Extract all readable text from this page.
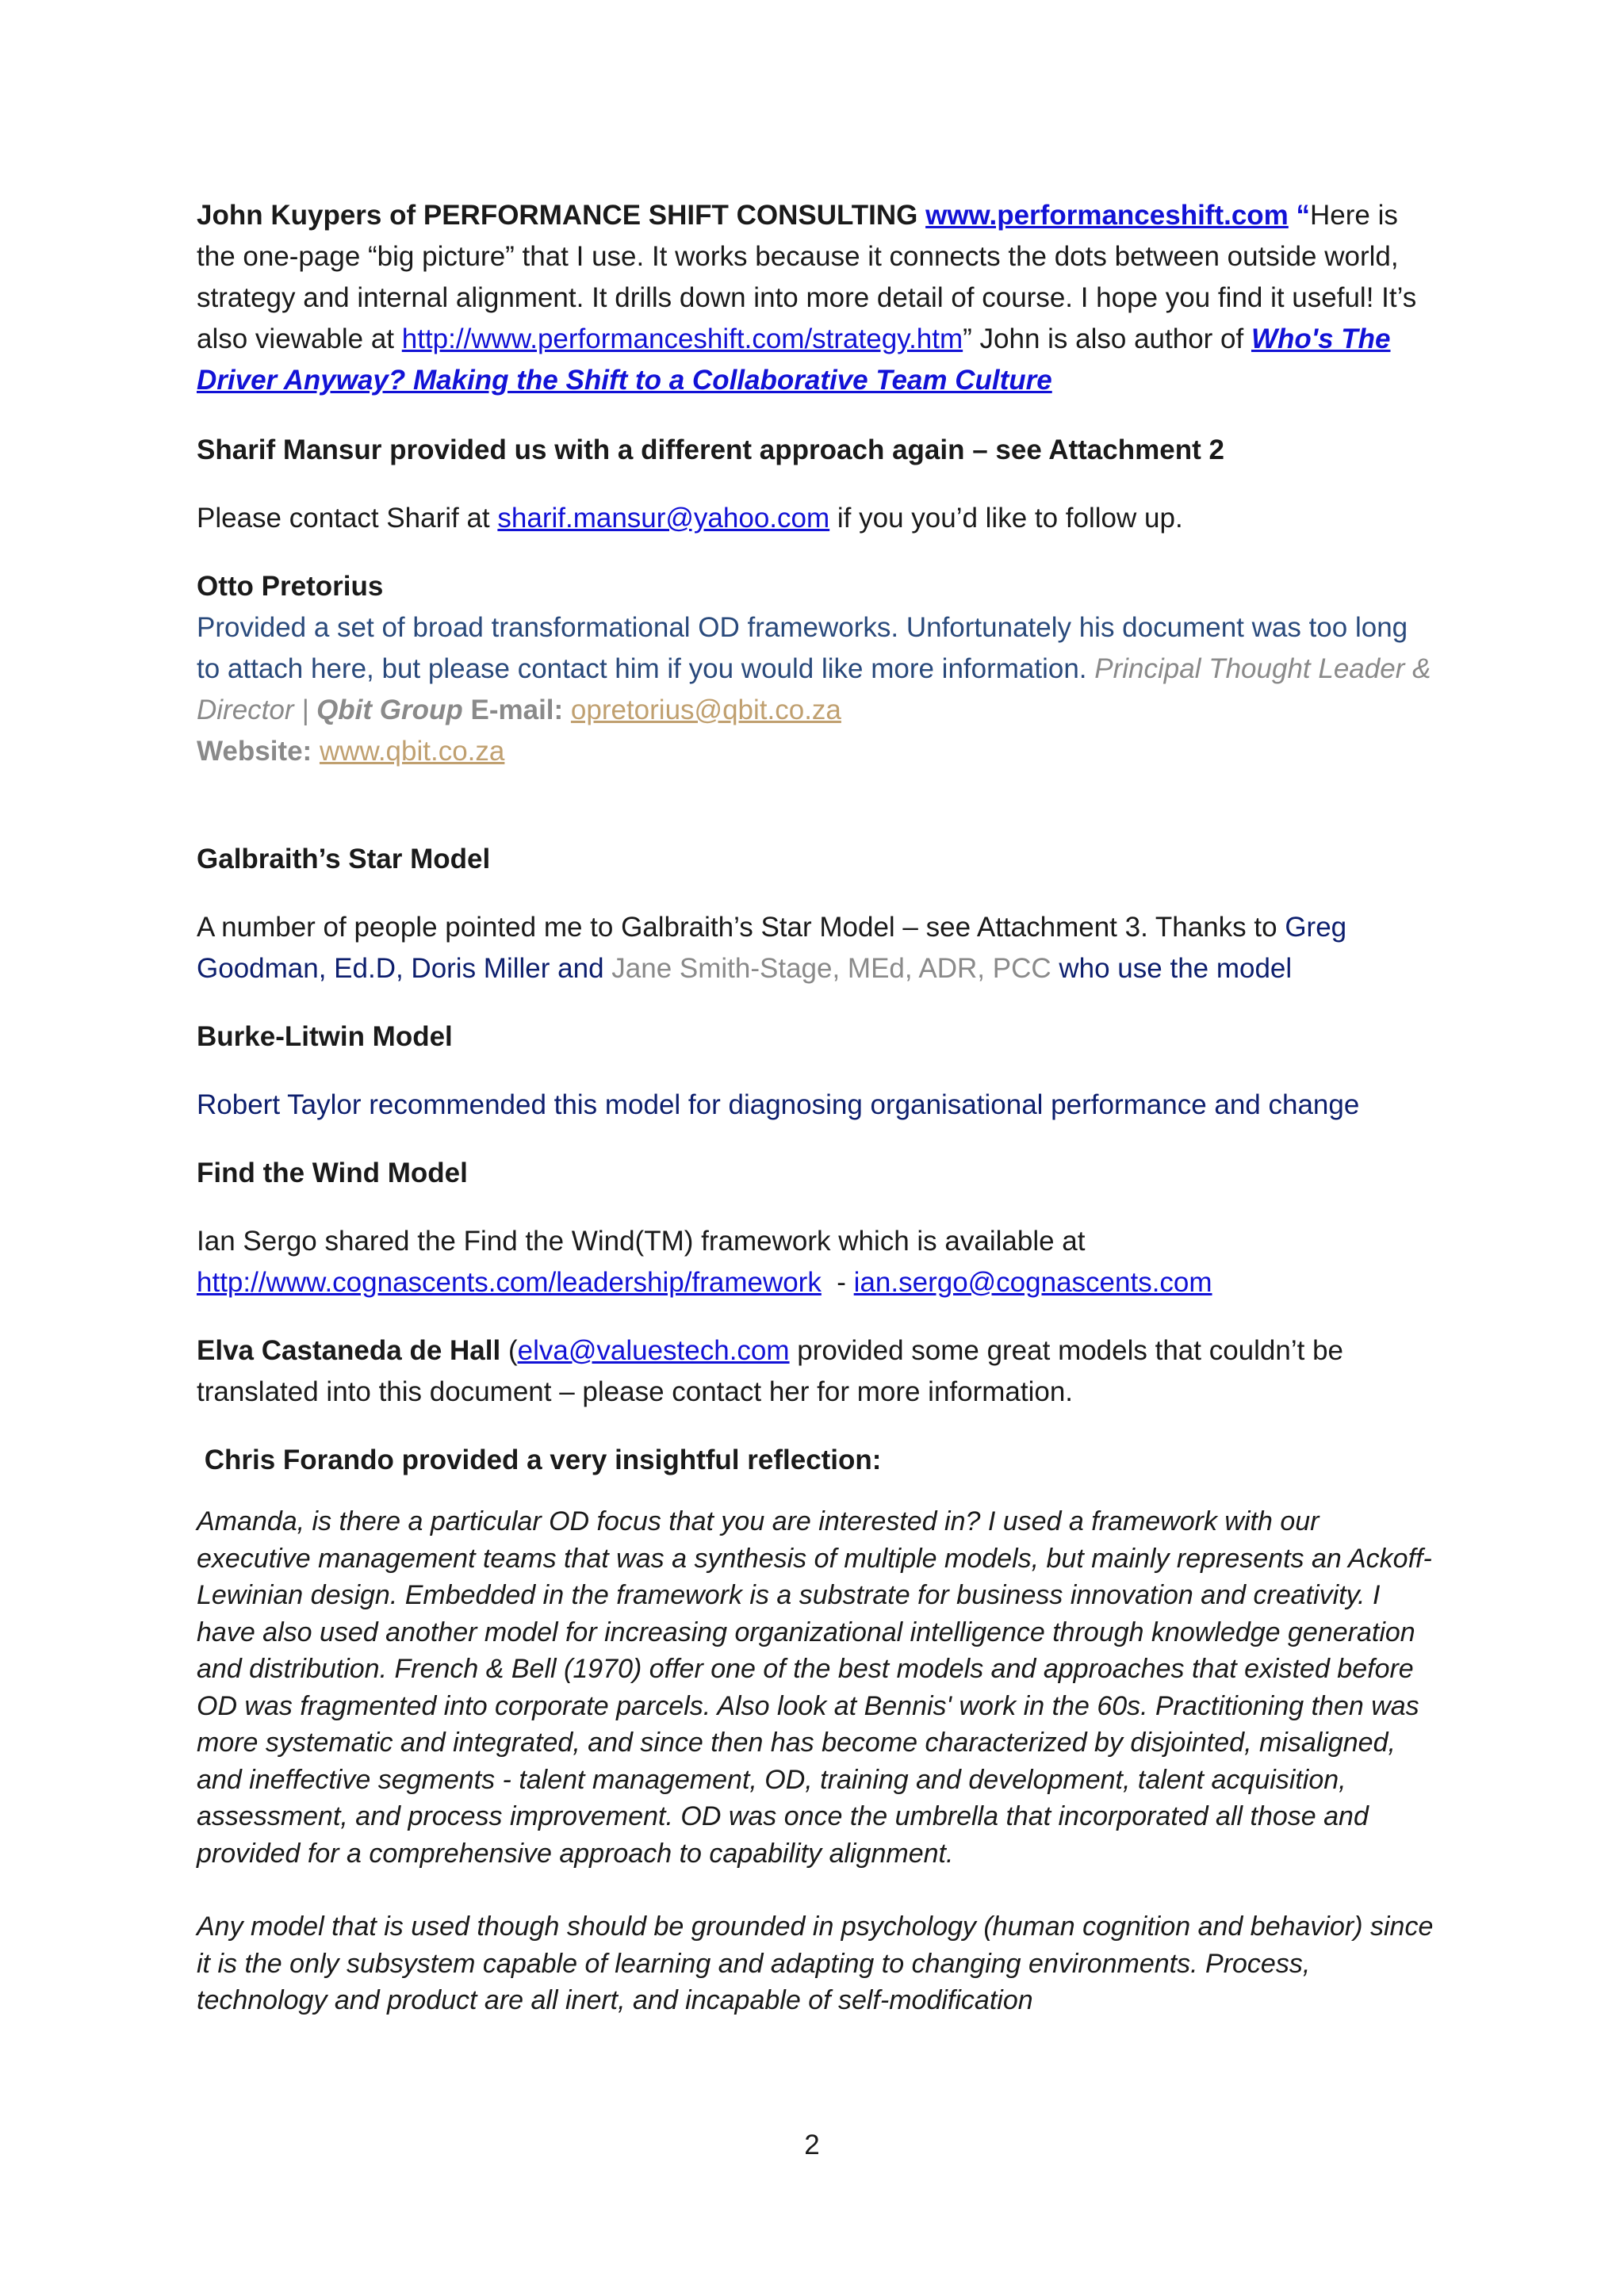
John Kuypers of PERFORMANCE SHIFT CONSULTING www.performanceshift.com “Here is the one-page “big picture” that I use. It works because it connects the dots between outside world, strategy and internal alignment. It drills down into more detail of course. I hope you find it useful! It’s also viewable at http://www.performanceshift.com/strategy.htm” John is also author of Who's The Driver Anyway? Making the Shift to a Collaborative Team Culture

Sharif Mansur provided us with a different approach again – see Attachment 2

Please contact Sharif at sharif.mansur@yahoo.com if you you’d like to follow up.

Otto Pretorius

Provided a set of broad transformational OD frameworks. Unfortunately his document was too long to attach here, but please contact him if you would like more information. Principal Thought Leader & Director | Qbit Group E-mail: opretorius@qbit.co.za
Website: www.qbit.co.za

Galbraith’s Star Model

A number of people pointed me to Galbraith’s Star Model – see Attachment 3. Thanks to Greg Goodman, Ed.D, Doris Miller and Jane Smith-Stage, MEd, ADR, PCC who use the model

Burke-Litwin Model

Robert Taylor recommended this model for diagnosing organisational performance and change

Find the Wind Model

Ian Sergo shared the Find the Wind(TM) framework which is available at
http://www.cognascents.com/leadership/framework  - ian.sergo@cognascents.com

Elva Castaneda de Hall (elva@valuestech.com provided some great models that couldn’t be translated into this document – please contact her for more information.

Chris Forando provided a very insightful reflection:

Amanda, is there a particular OD focus that you are interested in? I used a framework with our executive management teams that was a synthesis of multiple models, but mainly represents an Ackoff-Lewinian design. Embedded in the framework is a substrate for business innovation and creativity. I have also used another model for increasing organizational intelligence through knowledge generation and distribution. French & Bell (1970) offer one of the best models and approaches that existed before OD was fragmented into corporate parcels. Also look at Bennis' work in the 60s. Practitioning then was more systematic and integrated, and since then has become characterized by disjointed, misaligned, and ineffective segments - talent management, OD, training and development, talent acquisition, assessment, and process improvement. OD was once the umbrella that incorporated all those and provided for a comprehensive approach to capability alignment.

Any model that is used though should be grounded in psychology (human cognition and behavior) since it is the only subsystem capable of learning and adapting to changing environments. Process, technology and product are all inert, and incapable of self-modification

2
